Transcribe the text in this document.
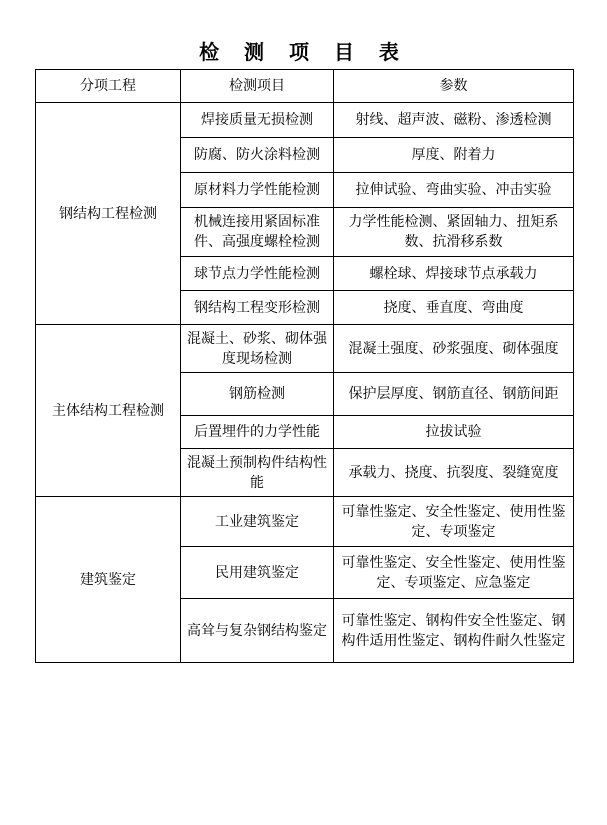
检 测 项 目 表
分项工程	检测项目	参数
钢结构工程检测	焊接质量无损检测	射线、超声波、磁粉、渗透检测
	防腐、防火涂料检测	厚度、附着力
	原材料力学性能检测	拉伸试验、弯曲实验、冲击实验
	机械连接用紧固标准件、高强度螺栓检测	力学性能检测、紧固轴力、扭矩系数、抗滑移系数
	球节点力学性能检测	螺栓球、焊接球节点承载力
	钢结构工程变形检测	挠度、垂直度、弯曲度
主体结构工程检测	混凝土、砂浆、砌体强度现场检测	混凝土强度、砂浆强度、砌体强度
	钢筋检测	保护层厚度、钢筋直径、钢筋间距
	后置埋件的力学性能	拉拔试验
	混凝土预制构件结构性能	承载力、挠度、抗裂度、裂缝宽度
建筑鉴定	工业建筑鉴定	可靠性鉴定、安全性鉴定、使用性鉴定、专项鉴定
	民用建筑鉴定	可靠性鉴定、安全性鉴定、使用性鉴定、专项鉴定、应急鉴定
	高耸与复杂钢结构鉴定	可靠性鉴定、钢构件安全性鉴定、钢构件适用性鉴定、钢构件耐久性鉴定
